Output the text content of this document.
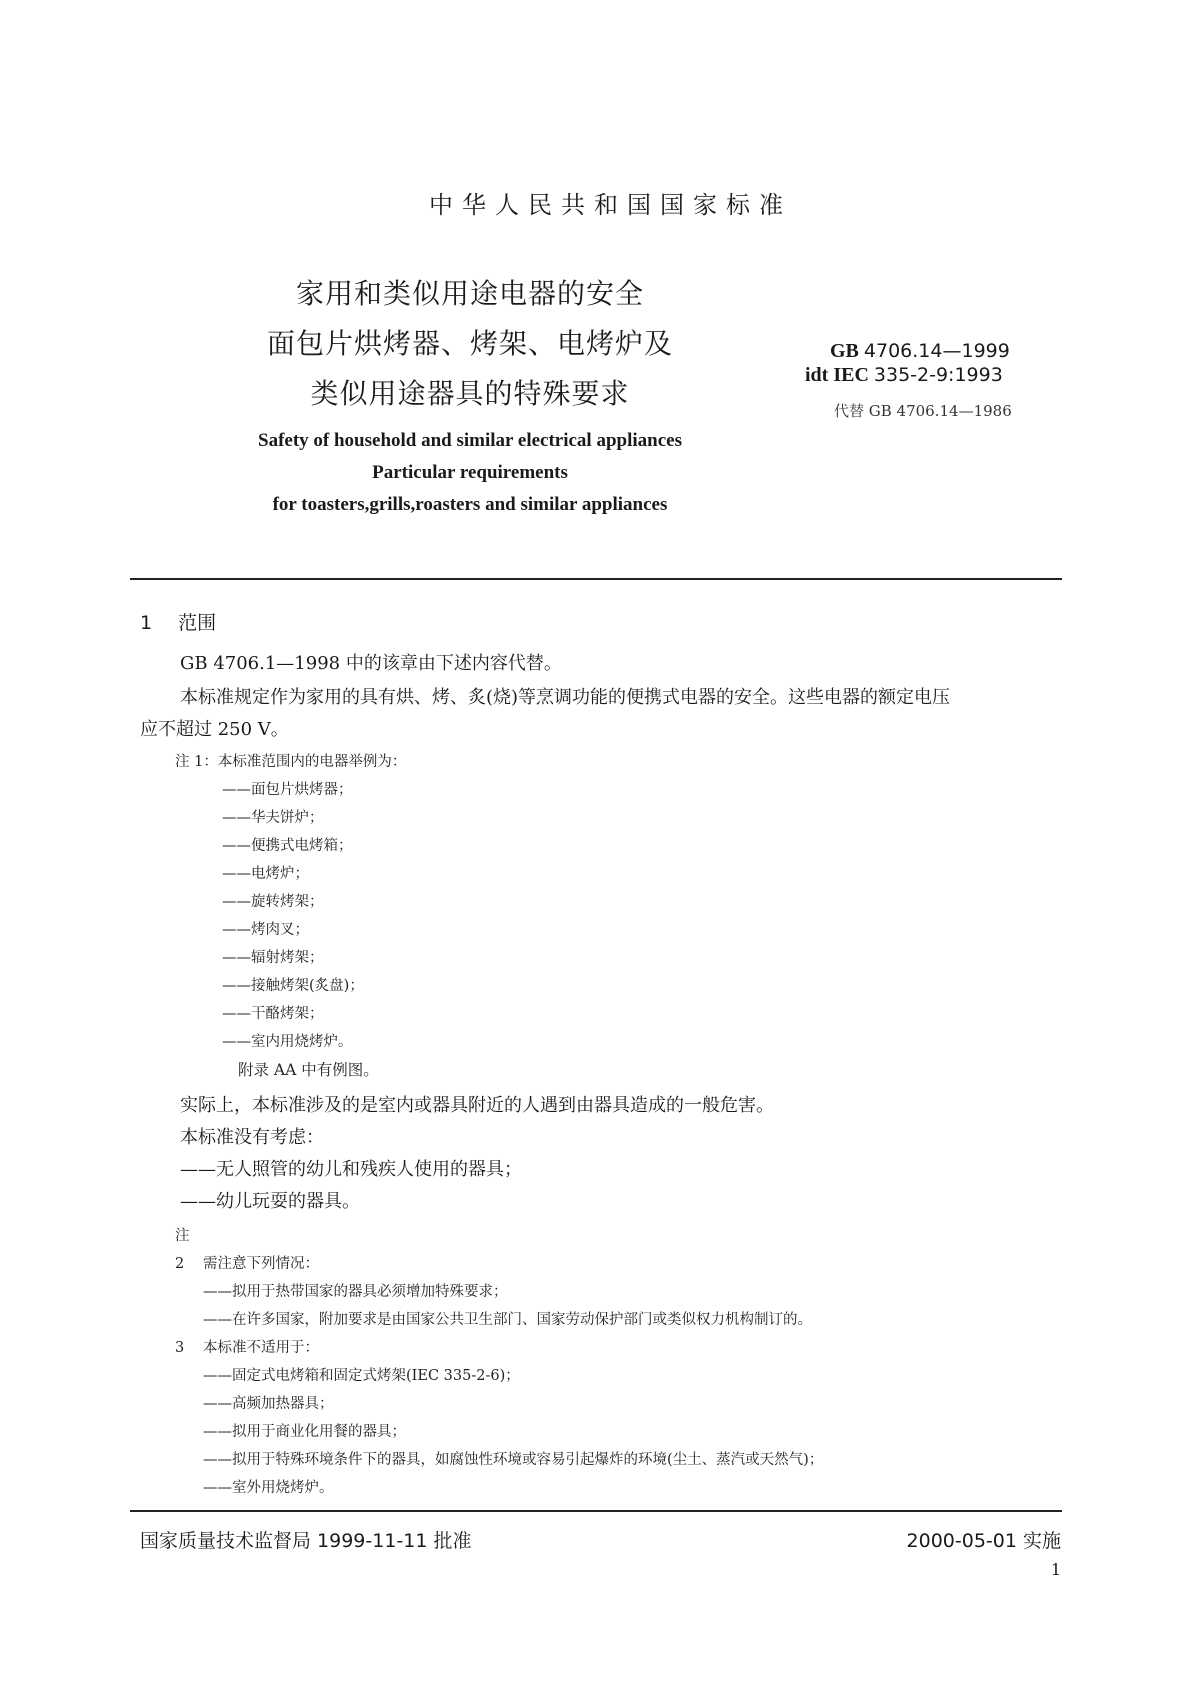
中华人民共和国国家标准
家用和类似用途电器的安全
面包片烘烤器、烤架、电烤炉及
类似用途器具的特殊要求
GB 4706.14—1999
idt IEC 335-2-9:1993
代替 GB 4706.14—1986
Safety of household and similar electrical appliances
Particular requirements
for toasters,grills,roasters and similar appliances
1 范围
GB 4706.1—1998 中的该章由下述内容代替。
本标准规定作为家用的具有烘、烤、炙(烧)等烹调功能的便携式电器的安全。这些电器的额定电压
应不超过 250 V。
注 1：本标准范围内的电器举例为：
——面包片烘烤器；
——华夫饼炉；
——便携式电烤箱；
——电烤炉；
——旋转烤架；
——烤肉叉；
——辐射烤架；
——接触烤架(炙盘)；
——干酪烤架；
——室内用烧烤炉。
附录 AA 中有例图。
实际上，本标准涉及的是室内或器具附近的人遇到由器具造成的一般危害。
本标准没有考虑：
——无人照管的幼儿和残疾人使用的器具；
——幼儿玩耍的器具。
注
2 需注意下列情况：
——拟用于热带国家的器具必须增加特殊要求；
——在许多国家，附加要求是由国家公共卫生部门、国家劳动保护部门或类似权力机构制订的。
3 本标准不适用于：
——固定式电烤箱和固定式烤架(IEC 335-2-6)；
——高频加热器具；
——拟用于商业化用餐的器具；
——拟用于特殊环境条件下的器具，如腐蚀性环境或容易引起爆炸的环境(尘土、蒸汽或天然气)；
——室外用烧烤炉。
国家质量技术监督局 1999-11-11 批准	2000-05-01 实施
1
